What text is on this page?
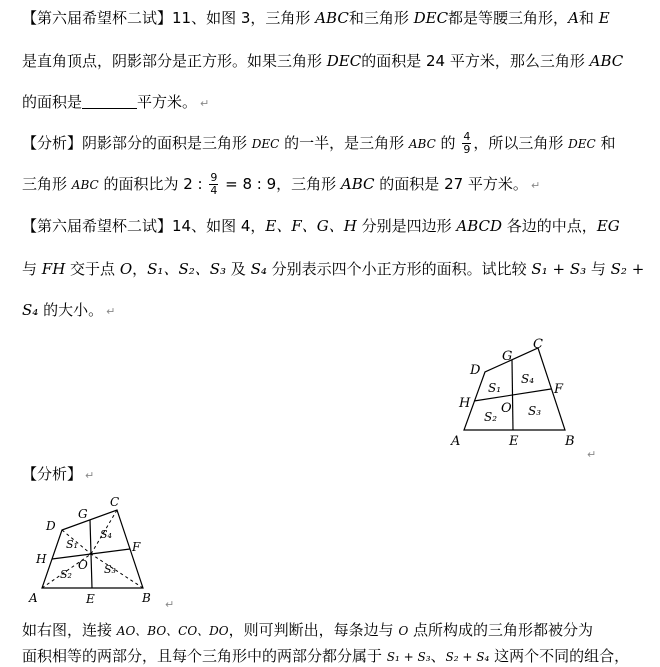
【第六届希望杯二试】11、如图 3，三角形 ABC和三角形 DEC都是等腰三角形，A和 E
是直角顶点，阴影部分是正方形。如果三角形 DEC的面积是 24 平方米，那么三角形 ABC
的面积是	平方米。 ↵
【分析】阴影部分的面积是三角形 DEC 的一半，是三角形 ABC 的 $\frac{4}{9}$ ，所以三角形 DEC 和
三角形 ABC 的面积比为 2 : $\frac{9}{4} = 8$ : 9，三角形 ABC 的面积是 27 平方米。 ↵
【第六届希望杯二试】14、如图 4，E、F、G、H 分别是四边形 ABCD 各边的中点，EG
与 FH 交于点 O，S₁、S₂、S₃ 及 S₄ 分别表示四个小正方形的面积。试比较 S₁ + S₃ 与 S₂ +
S₄ 的大小。 ↵
A	B
C
D
E
F
G
H O
S₁
S₄
S₂	S₃
↵
【分析】 ↵
A	B
C
D
E
F
G
H	O
S₁
S₄
S₂	S₃
↵
如右图，连接 AO、BO、CO、DO，则可判断出，每条边与 O 点所构成的三角形都被分为
面积相等的两部分，且每个三角形中的两部分都分属于 S₁ + S₃、S₂ + S₄ 这两个不同的组合，
